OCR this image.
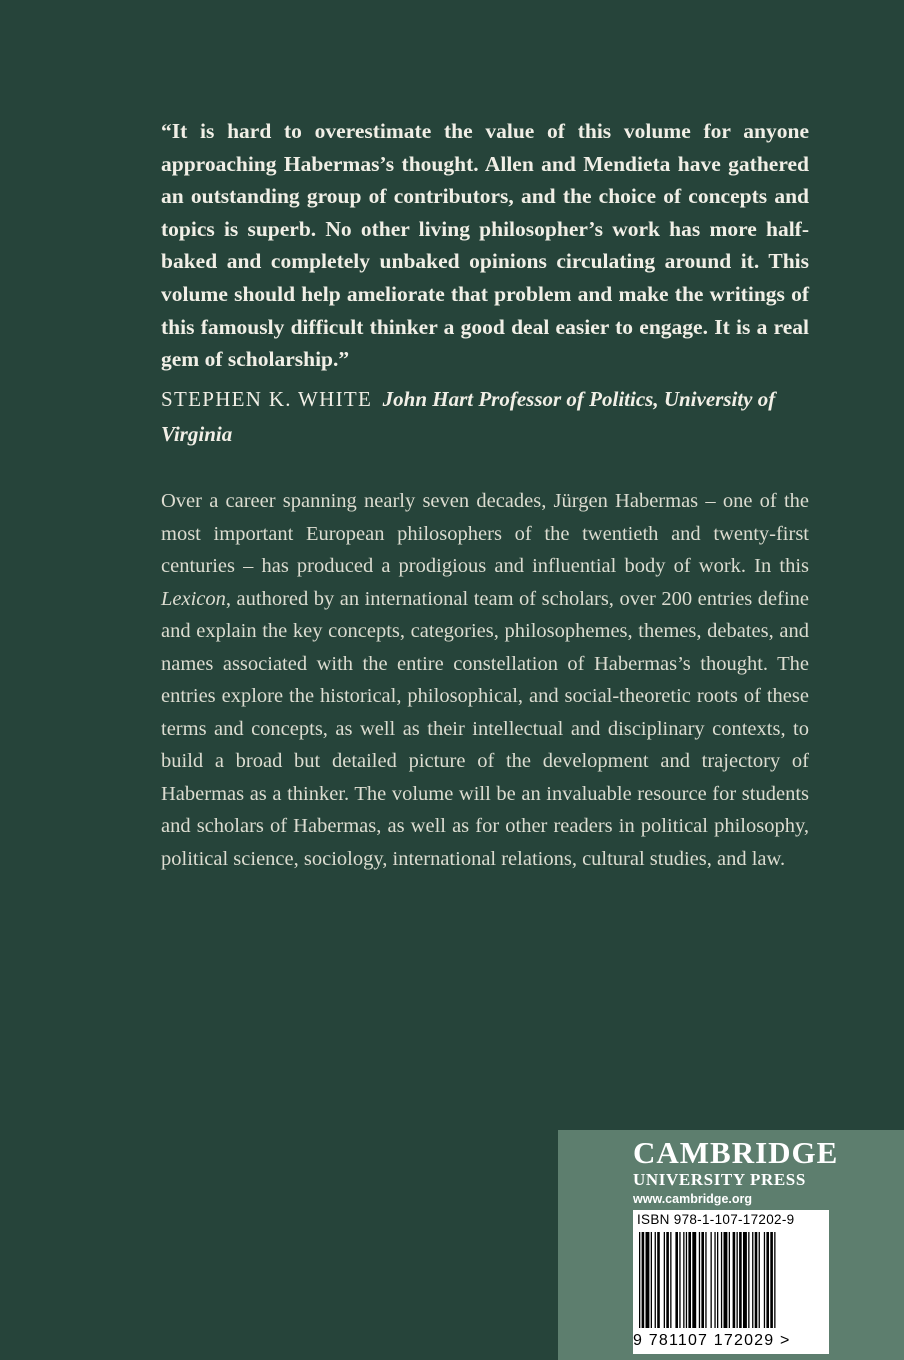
“It is hard to overestimate the value of this volume for anyone approaching Habermas’s thought. Allen and Mendieta have gathered an outstanding group of contributors, and the choice of concepts and topics is superb. No other living philosopher’s work has more half-baked and completely unbaked opinions circulating around it. This volume should help ameliorate that problem and make the writings of this famously difficult thinker a good deal easier to engage. It is a real gem of scholarship.”

STEPHEN K. WHITE John Hart Professor of Politics, University of Virginia

Over a career spanning nearly seven decades, Jürgen Habermas – one of the most important European philosophers of the twentieth and twenty-first centuries – has produced a prodigious and influential body of work. In this Lexicon, authored by an international team of scholars, over 200 entries define and explain the key concepts, categories, philosophemes, themes, debates, and names associated with the entire constellation of Habermas’s thought. The entries explore the historical, philosophical, and social-theoretic roots of these terms and concepts, as well as their intellectual and disciplinary contexts, to build a broad but detailed picture of the development and trajectory of Habermas as a thinker. The volume will be an invaluable resource for students and scholars of Habermas, as well as for other readers in political philosophy, political science, sociology, international relations, cultural studies, and law.

CAMBRIDGE
UNIVERSITY PRESS
www.cambridge.org
ISBN 978-1-107-17202-9
9 781107 172029 >
